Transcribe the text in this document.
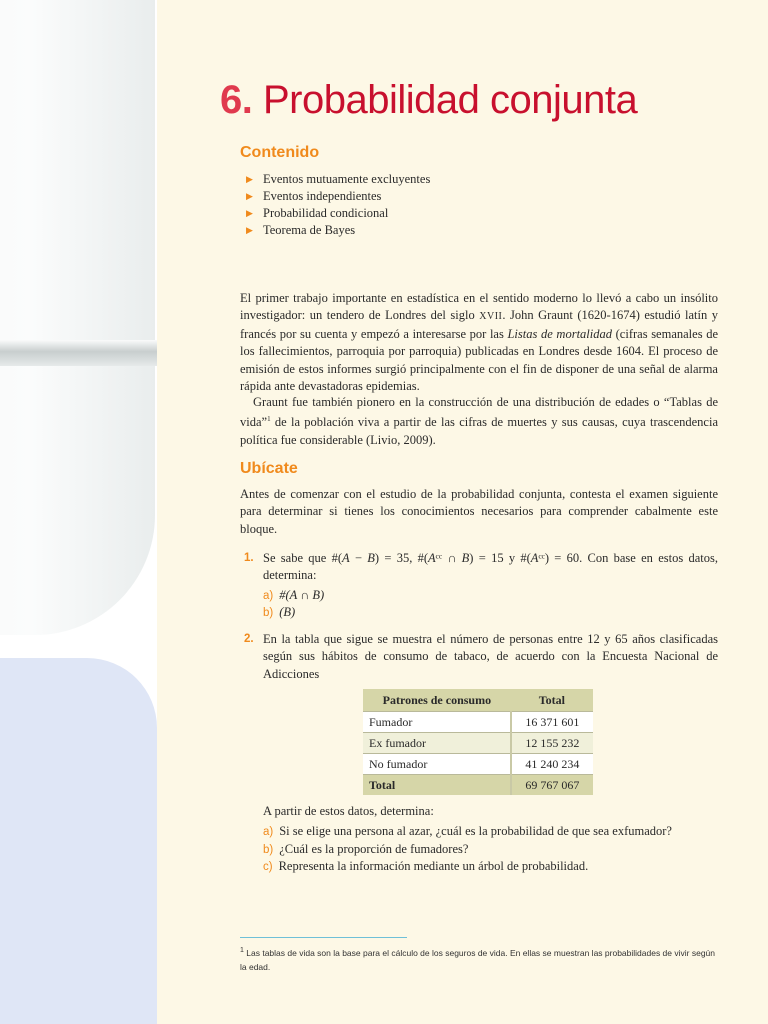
6. Probabilidad conjunta
Contenido
▶ Eventos mutuamente excluyentes
▶ Eventos independientes
▶ Probabilidad condicional
▶ Teorema de Bayes

El primer trabajo importante en estadística en el sentido moderno lo llevó a cabo un insólito investigador: un tendero de Londres del siglo XVII. John Graunt (1620-1674) estudió latín y francés por su cuenta y empezó a interesarse por las Listas de mortalidad (cifras semanales de los fallecimientos, parroquia por parroquia) publicadas en Londres desde 1604. El proceso de emisión de estos informes surgió principalmente con el fin de disponer de una señal de alarma rápida ante devastadoras epidemias.

Graunt fue también pionero en la construcción de una distribución de edades o “Tablas de vida”$^1$ de la población viva a partir de las cifras de muertes y sus causas, cuya trascendencia política fue considerable (Livio, 2009).

Ubícate

Antes de comenzar con el estudio de la probabilidad conjunta, contesta el examen siguiente para determinar si tienes los conocimientos necesarios para comprender cabalmente este bloque.

1. Se sabe que #(A − B) = 35, #(Aᶜᶜ ∩ B) = 15 y #(Aᶜᶜ) = 60. Con base en estos datos, determina:
a) #(A ∩ B)
b) (B)
2. En la tabla que sigue se muestra el número de personas entre 12 y 65 años clasificadas según sus hábitos de consumo de tabaco, de acuerdo con la Encuesta Nacional de Adicciones
Patrones de consumo	Total
Fumador	16 371 601
Ex fumador	12 155 232
No fumador	41 240 234
Total	69 767 067
A partir de estos datos, determina:
a) Si se elige una persona al azar, ¿cuál es la probabilidad de que sea exfumador?
b) ¿Cuál es la proporción de fumadores?
c) Representa la información mediante un árbol de probabilidad.
$^1$ Las tablas de vida son la base para el cálculo de los seguros de vida. En ellas se muestran las probabilidades de vivir según la edad.
